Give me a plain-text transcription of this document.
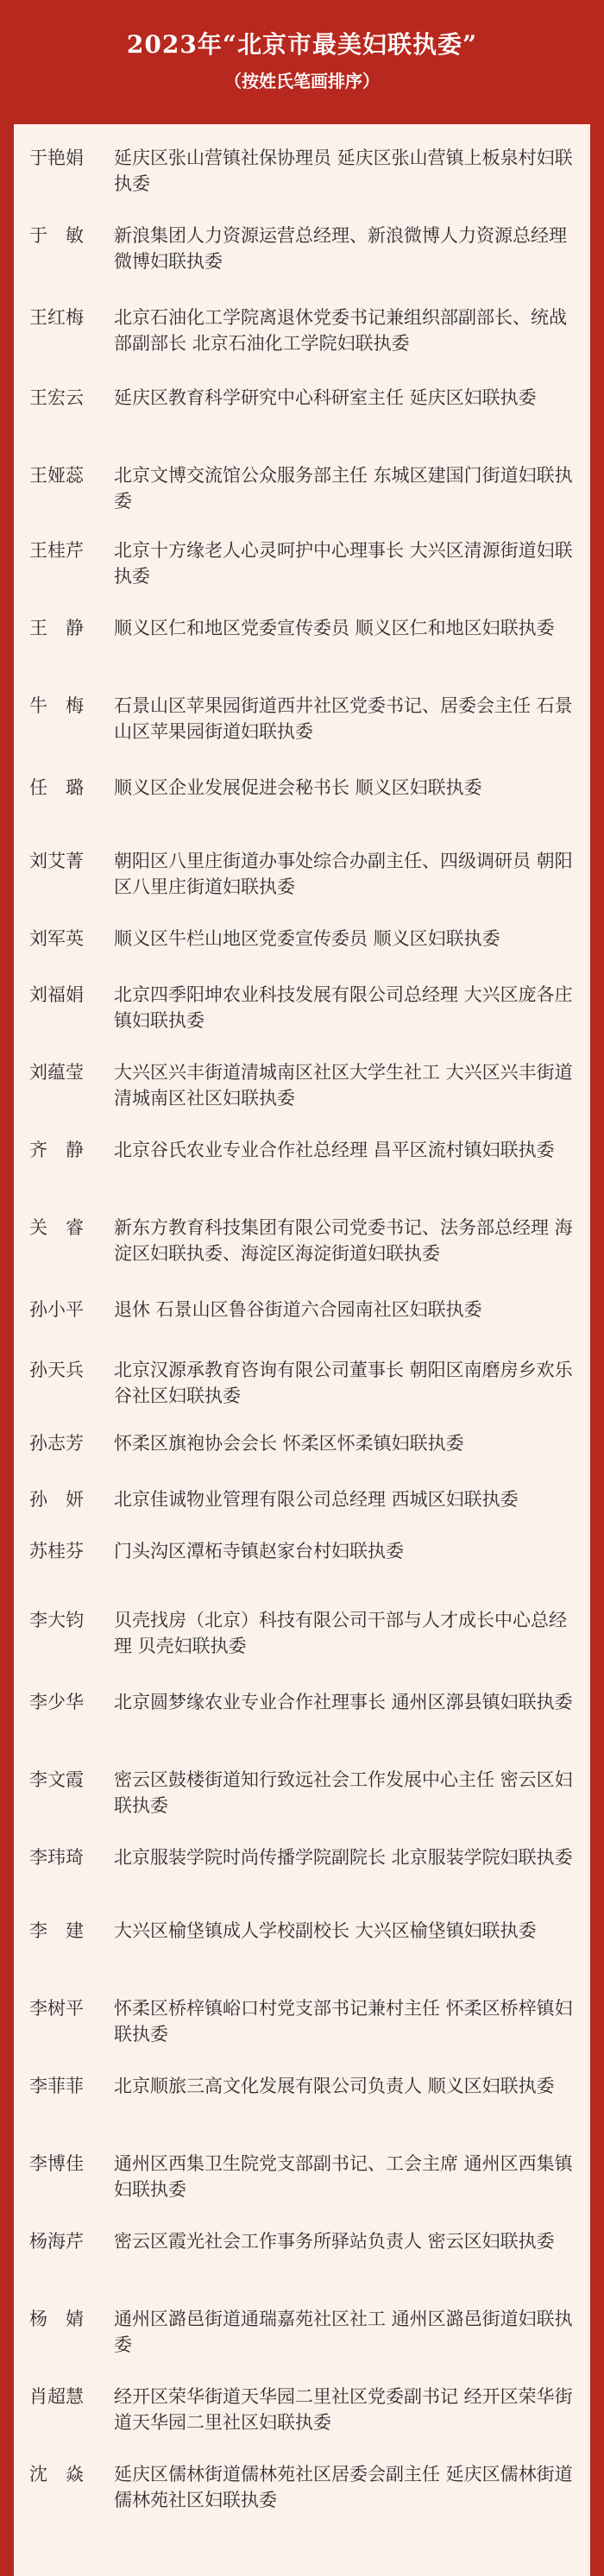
2023年“北京市最美妇联执委”
（按姓氏笔画排序）
于艳娟	延庆区张山营镇社保协理员 延庆区张山营镇上板泉村妇联执委
于　敏	新浪集团人力资源运营总经理、新浪微博人力资源总经理 微博妇联执委
王红梅	北京石油化工学院离退休党委书记兼组织部副部长、统战部副部长 北京石油化工学院妇联执委
王宏云	延庆区教育科学研究中心科研室主任 延庆区妇联执委
王娅蕊	北京文博交流馆公众服务部主任 东城区建国门街道妇联执委
王桂芹	北京十方缘老人心灵呵护中心理事长 大兴区清源街道妇联执委
王　静	顺义区仁和地区党委宣传委员 顺义区仁和地区妇联执委
牛　梅	石景山区苹果园街道西井社区党委书记、居委会主任 石景山区苹果园街道妇联执委
任　璐	顺义区企业发展促进会秘书长 顺义区妇联执委
刘艾菁	朝阳区八里庄街道办事处综合办副主任、四级调研员 朝阳区八里庄街道妇联执委
刘军英	顺义区牛栏山地区党委宣传委员 顺义区妇联执委
刘福娟	北京四季阳坤农业科技发展有限公司总经理 大兴区庞各庄镇妇联执委
刘蕴莹	大兴区兴丰街道清城南区社区大学生社工 大兴区兴丰街道清城南区社区妇联执委
齐　静	北京谷氏农业专业合作社总经理 昌平区流村镇妇联执委
关　睿	新东方教育科技集团有限公司党委书记、法务部总经理 海淀区妇联执委、海淀区海淀街道妇联执委
孙小平	退休 石景山区鲁谷街道六合园南社区妇联执委
孙天兵	北京汉源承教育咨询有限公司董事长 朝阳区南磨房乡欢乐谷社区妇联执委
孙志芳	怀柔区旗袍协会会长 怀柔区怀柔镇妇联执委
孙　妍	北京佳诚物业管理有限公司总经理 西城区妇联执委
苏桂芬	门头沟区潭柘寺镇赵家台村妇联执委
李大钧	贝壳找房（北京）科技有限公司干部与人才成长中心总经理 贝壳妇联执委
李少华	北京圆梦缘农业专业合作社理事长 通州区漷县镇妇联执委
李文霞	密云区鼓楼街道知行致远社会工作发展中心主任 密云区妇联执委
李玮琦	北京服装学院时尚传播学院副院长 北京服装学院妇联执委
李　建	大兴区榆垡镇成人学校副校长 大兴区榆垡镇妇联执委
李树平	怀柔区桥梓镇峪口村党支部书记兼村主任 怀柔区桥梓镇妇联执委
李菲菲	北京顺旅三高文化发展有限公司负责人 顺义区妇联执委
李博佳	通州区西集卫生院党支部副书记、工会主席 通州区西集镇妇联执委
杨海芹	密云区霞光社会工作事务所驿站负责人 密云区妇联执委
杨　婧	通州区潞邑街道通瑞嘉苑社区社工 通州区潞邑街道妇联执委
肖超慧	经开区荣华街道天华园二里社区党委副书记 经开区荣华街道天华园二里社区妇联执委
沈　焱	延庆区儒林街道儒林苑社区居委会副主任 延庆区儒林街道儒林苑社区妇联执委
